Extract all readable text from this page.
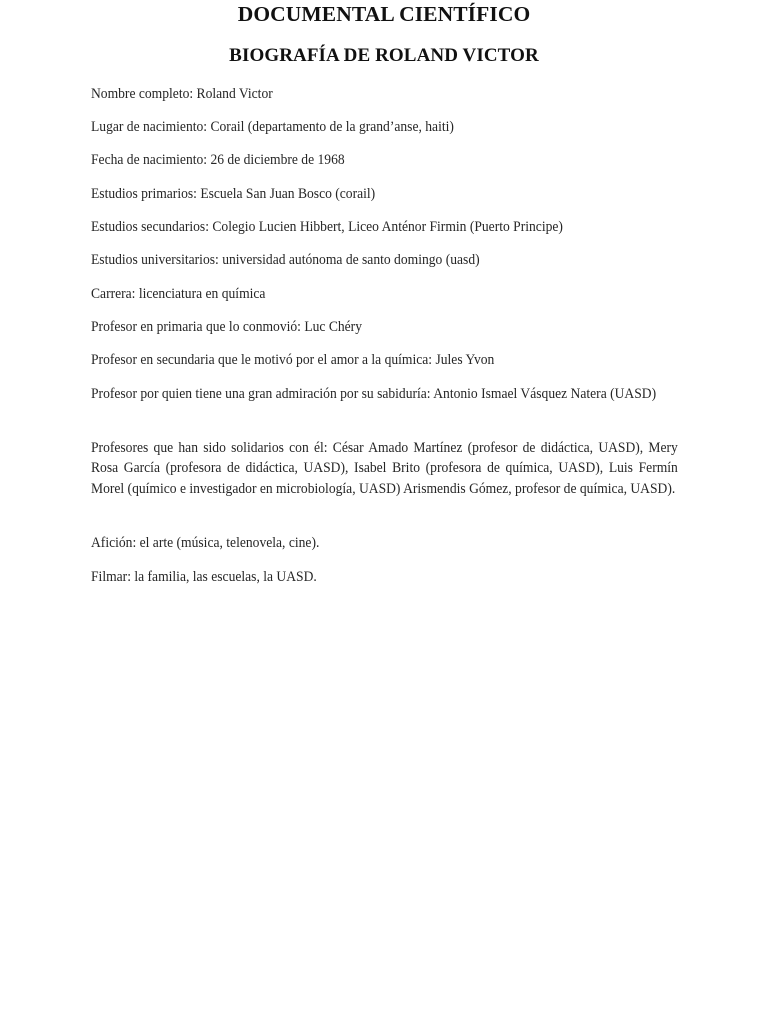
DOCUMENTAL CIENTÍFICO
BIOGRAFÍA DE ROLAND VICTOR

Nombre completo: Roland Victor

Lugar de nacimiento: Corail (departamento de la grand’anse, haiti)

Fecha de nacimiento: 26 de diciembre de 1968

Estudios primarios: Escuela San Juan Bosco (corail)

Estudios secundarios: Colegio Lucien Hibbert, Liceo Anténor Firmin (Puerto Principe)

Estudios universitarios: universidad autónoma de santo domingo (uasd)

Carrera: licenciatura en química

Profesor en primaria que lo conmovió: Luc Chéry

Profesor en secundaria que le motivó por el amor a la química: Jules Yvon

Profesor por quien tiene una gran admiración por su sabiduría: Antonio Ismael Vásquez Natera (UASD)

Profesores que han sido solidarios con él: César Amado Martínez (profesor de didáctica, UASD), Mery Rosa García (profesora de didáctica, UASD), Isabel Brito (profesora de química, UASD), Luis Fermín Morel (químico e investigador en microbiología, UASD) Arismendis Gómez, profesor de química, UASD).

Afición: el arte (música, telenovela, cine).

Filmar: la familia, las escuelas, la UASD.
